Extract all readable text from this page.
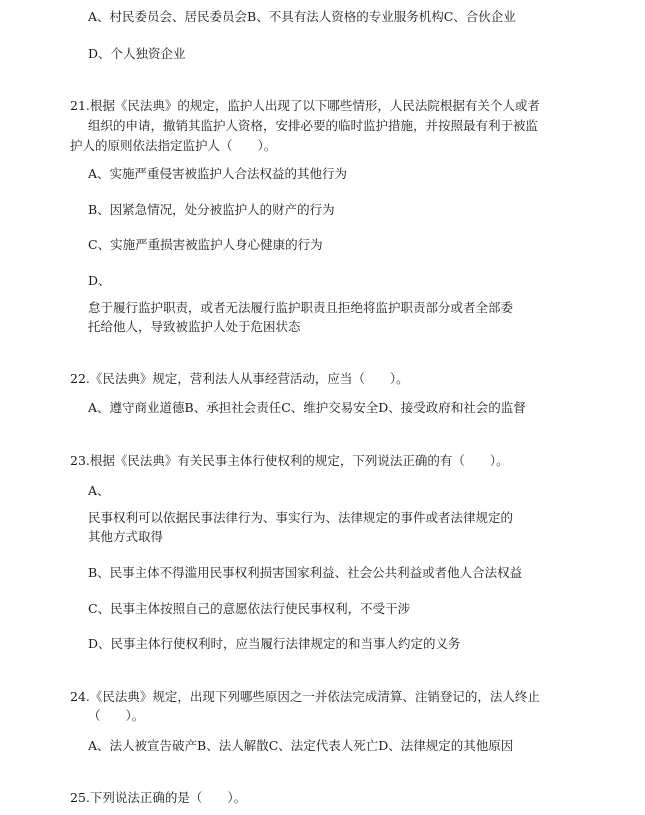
A、村民委员会、居民委员会B、不具有法人资格的专业服务机构C、合伙企业
D、个人独资企业
21.根据《民法典》的规定，监护人出现了以下哪些情形，人民法院根据有关个人或者
组织的申请，撤销其监护人资格，安排必要的临时监护措施，并按照最有利于被监
护人的原则依法指定监护人（　　）。
A、实施严重侵害被监护人合法权益的其他行为
B、因紧急情况，处分被监护人的财产的行为
C、实施严重损害被监护人身心健康的行为
D、
怠于履行监护职责，或者无法履行监护职责且拒绝将监护职责部分或者全部委
托给他人，导致被监护人处于危困状态
22.《民法典》规定，营利法人从事经营活动，应当（　　）。
A、遵守商业道德B、承担社会责任C、维护交易安全D、接受政府和社会的监督
23.根据《民法典》有关民事主体行使权利的规定，下列说法正确的有（　　）。
A、
民事权利可以依据民事法律行为、事实行为、法律规定的事件或者法律规定的
其他方式取得
B、民事主体不得滥用民事权利损害国家利益、社会公共利益或者他人合法权益
C、民事主体按照自己的意愿依法行使民事权利，不受干涉
D、民事主体行使权利时，应当履行法律规定的和当事人约定的义务
24.《民法典》规定，出现下列哪些原因之一并依法完成清算、注销登记的，法人终止
（　　）。
A、法人被宣告破产B、法人解散C、法定代表人死亡D、法律规定的其他原因
25.下列说法正确的是（　　）。
